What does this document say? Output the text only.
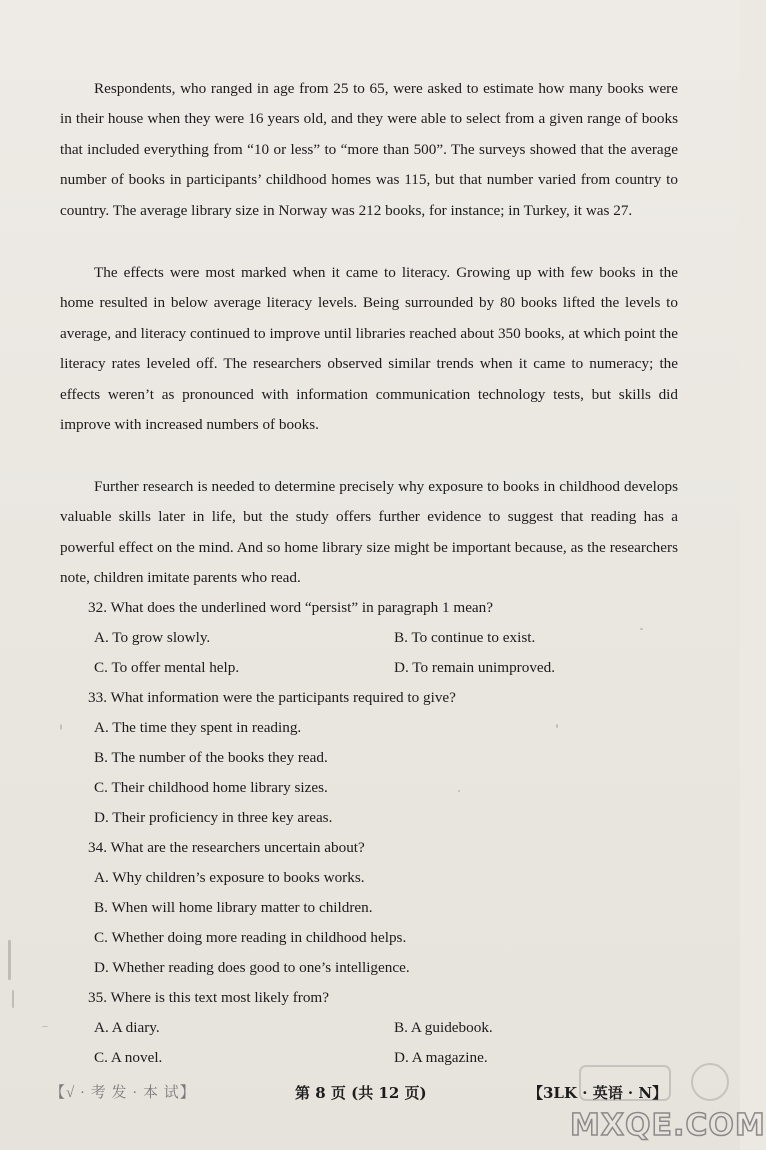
Respondents, who ranged in age from 25 to 65, were asked to estimate how many books were in their house when they were 16 years old, and they were able to select from a given range of books that included everything from “10 or less” to “more than 500”. The surveys showed that the average number of books in participants’ childhood homes was 115, but that number varied from country to country. The average library size in Norway was 212 books, for instance; in Turkey, it was 27.

The effects were most marked when it came to literacy. Growing up with few books in the home resulted in below average literacy levels. Being surrounded by 80 books lifted the levels to average, and literacy continued to improve until libraries reached about 350 books, at which point the literacy rates leveled off. The researchers observed similar trends when it came to numeracy; the effects weren’t as pronounced with information communication technology tests, but skills did improve with increased numbers of books.

Further research is needed to determine precisely why exposure to books in childhood develops valuable skills later in life, but the study offers further evidence to suggest that reading has a powerful effect on the mind. And so home library size might be important because, as the researchers note, children imitate parents who read.

32. What does the underlined word “persist” in paragraph 1 mean?

A. To grow slowly.	B. To continue to exist.

C. To offer mental help.	D. To remain unimproved.

33. What information were the participants required to give?

A. The time they spent in reading.

B. The number of the books they read.

C. Their childhood home library sizes.

D. Their proficiency in three key areas.

34. What are the researchers uncertain about?

A. Why children’s exposure to books works.

B. When will home library matter to children.

C. Whether doing more reading in childhood helps.

D. Whether reading does good to one’s intelligence.

35. Where is this text most likely from?

A. A diary.	B. A guidebook.

C. A novel.	D. A magazine.

【√ · 考 发 · 本 试】	第 8 页 (共 12 页)	【3LK · 英语 · N】
MXQE.COM
